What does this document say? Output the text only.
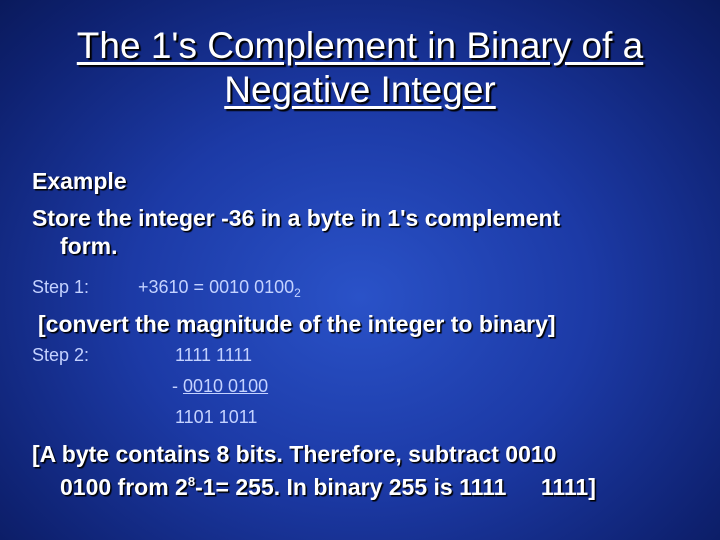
The 1's Complement in Binary of a
Negative Integer
Example
Store the integer -36 in a byte in 1's complement
form.
Step 1:	+3610 = 0010 $0100_2$
[convert the magnitude of the integer to binary]
Step 2:	1111 1111
- 0010 0100
1101 1011
[A byte contains 8 bits. Therefore, subtract 0010
0100 from $2^8-1= 255$. In binary 255 is 1111 1111]
